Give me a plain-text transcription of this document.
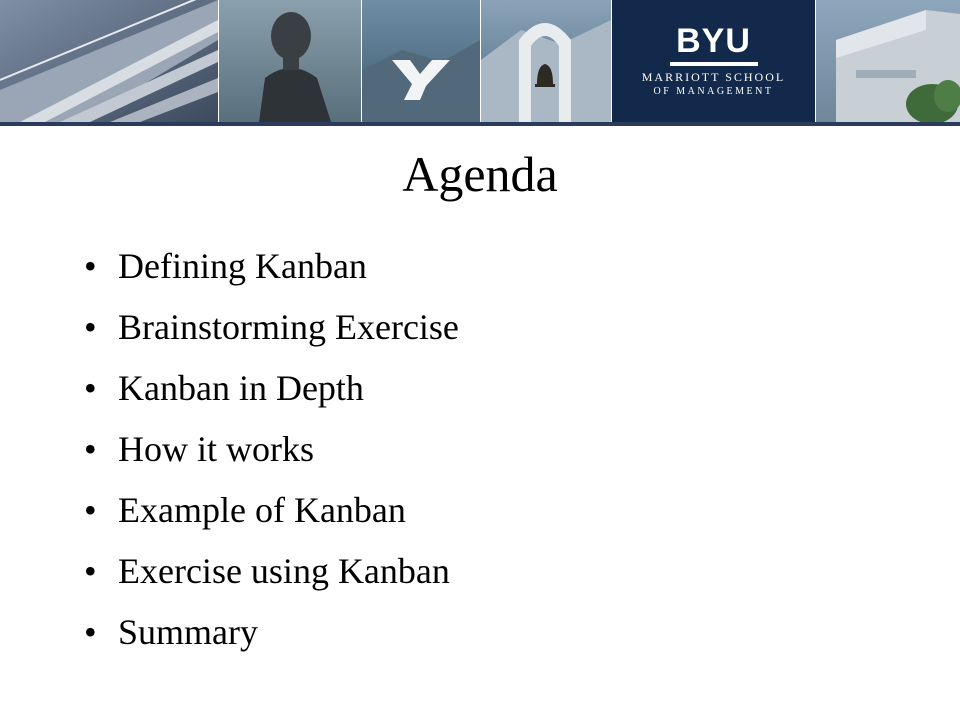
BYU
MARRIOTT SCHOOL
OF MANAGEMENT
Agenda
• Defining Kanban
• Brainstorming Exercise
• Kanban in Depth
• How it works
• Example of Kanban
• Exercise using Kanban
• Summary
